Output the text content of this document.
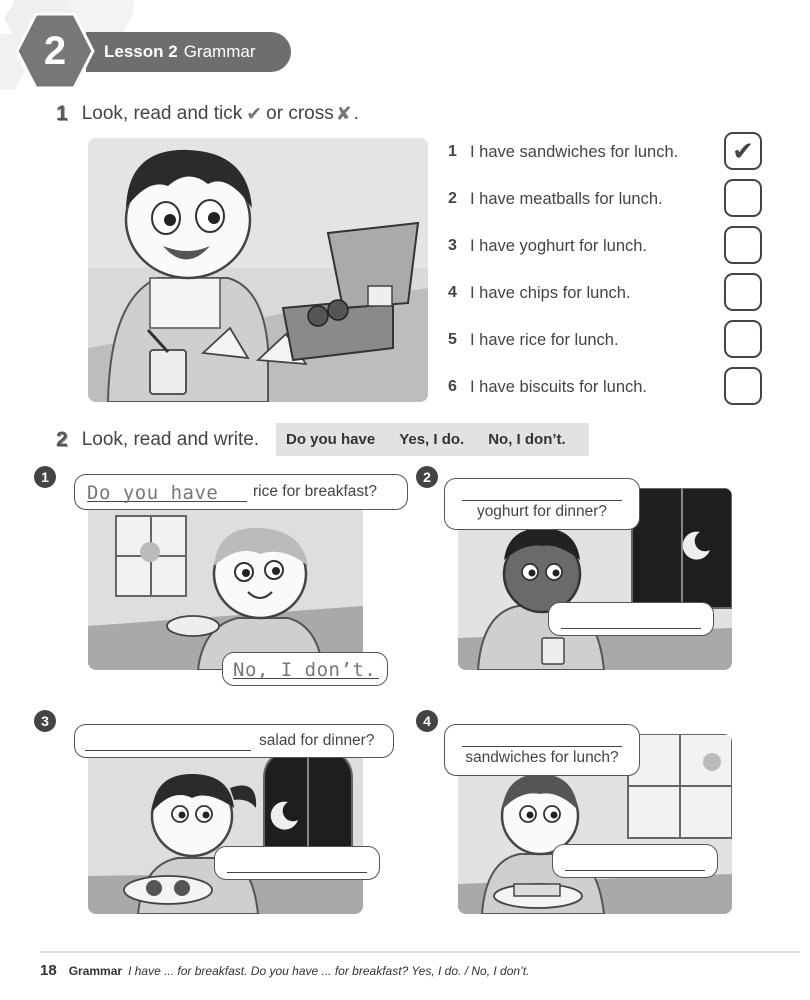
Lesson 2 Grammar
2
1 Look, read and tick ✔ or cross ✘ .
1 I have sandwiches for lunch.	✔
2 I have meatballs for lunch.
3 I have yoghurt for lunch.
4 I have chips for lunch.
5 I have rice for lunch.
6 I have biscuits for lunch.
2 Look, read and write. Do you have Yes, I do. No, I don’t.
1
Do you have	rice for breakfast?
No, I don’t.
2
yoghurt for dinner?
3
salad for dinner?
4
sandwiches for lunch?
18 Grammar I have ... for breakfast. Do you have ... for breakfast? Yes, I do. / No, I don’t.
